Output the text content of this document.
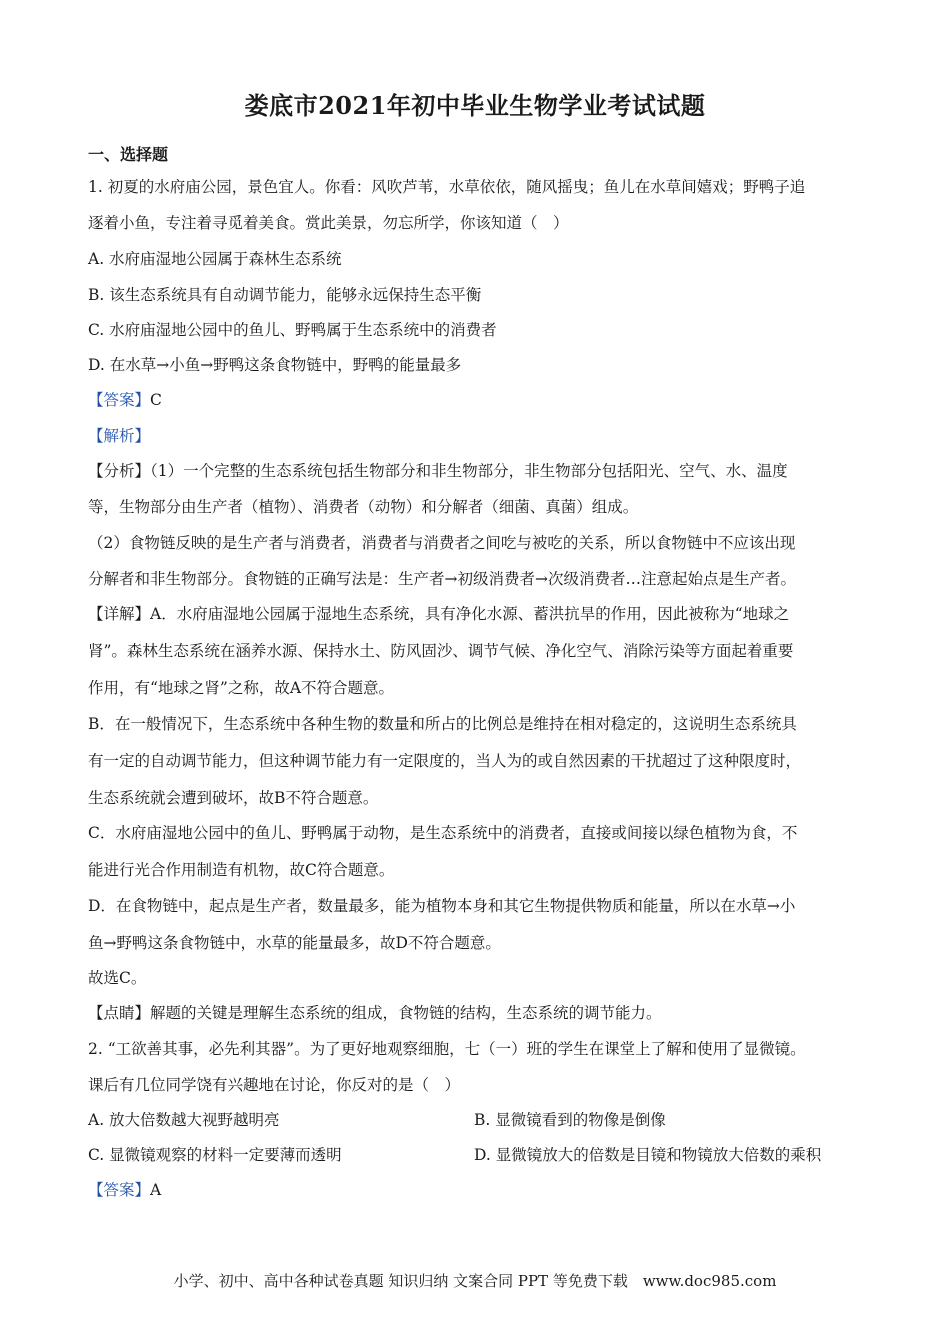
娄底市2021年初中毕业生物学业考试试题
一、选择题
1. 初夏的水府庙公园，景色宜人。你看：风吹芦苇，水草依依，随风摇曳；鱼儿在水草间嬉戏；野鸭子追
逐着小鱼，专注着寻觅着美食。赏此美景，勿忘所学，你该知道（　）
A. 水府庙湿地公园属于森林生态系统
B. 该生态系统具有自动调节能力，能够永远保持生态平衡
C. 水府庙湿地公园中的鱼儿、野鸭属于生态系统中的消费者
D. 在水草→小鱼→野鸭这条食物链中，野鸭的能量最多
【答案】C
【解析】
【分析】（1）一个完整的生态系统包括生物部分和非生物部分，非生物部分包括阳光、空气、水、温度
等，生物部分由生产者（植物）、消费者（动物）和分解者（细菌、真菌）组成。
（2）食物链反映的是生产者与消费者，消费者与消费者之间吃与被吃的关系，所以食物链中不应该出现
分解者和非生物部分。食物链的正确写法是：生产者→初级消费者→次级消费者…注意起始点是生产者。
【详解】A．水府庙湿地公园属于湿地生态系统，具有净化水源、蓄洪抗旱的作用，因此被称为“地球之
肾”。森林生态系统在涵养水源、保持水土、防风固沙、调节气候、净化空气、消除污染等方面起着重要
作用，有“地球之肾”之称，故A不符合题意。
B．在一般情况下，生态系统中各种生物的数量和所占的比例总是维持在相对稳定的，这说明生态系统具
有一定的自动调节能力，但这种调节能力有一定限度的，当人为的或自然因素的干扰超过了这种限度时，
生态系统就会遭到破坏，故B不符合题意。
C．水府庙湿地公园中的鱼儿、野鸭属于动物，是生态系统中的消费者，直接或间接以绿色植物为食，不
能进行光合作用制造有机物，故C符合题意。
D．在食物链中，起点是生产者，数量最多，能为植物本身和其它生物提供物质和能量，所以在水草→小
鱼→野鸭这条食物链中，水草的能量最多，故D不符合题意。
故选C。
【点睛】解题的关键是理解生态系统的组成，食物链的结构，生态系统的调节能力。
2. “工欲善其事，必先利其器”。为了更好地观察细胞，七（一）班的学生在课堂上了解和使用了显微镜。
课后有几位同学饶有兴趣地在讨论，你反对的是（　）
A. 放大倍数越大视野越明亮	B. 显微镜看到的物像是倒像
C. 显微镜观察的材料一定要薄而透明	D. 显微镜放大的倍数是目镜和物镜放大倍数的乘积
【答案】A
小学、初中、高中各种试卷真题 知识归纳 文案合同 PPT 等免费下载　www.doc985.com
